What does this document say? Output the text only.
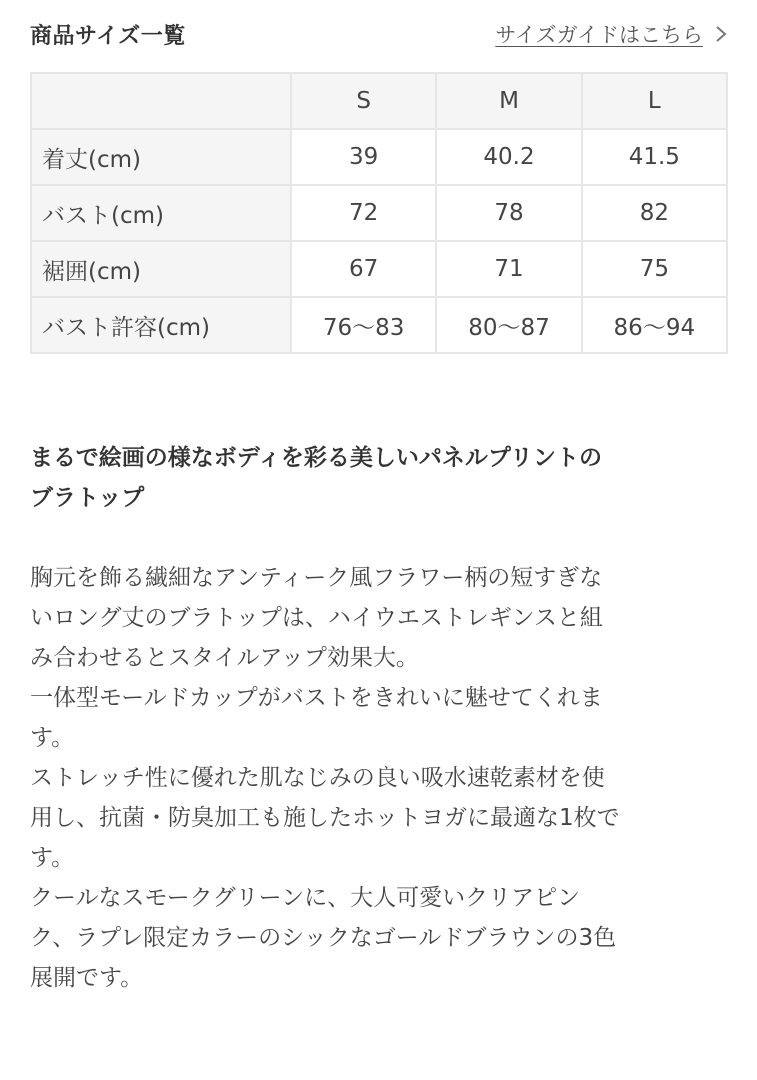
商品サイズ一覧	サイズガイドはこちら
	S	M	L
着丈(cm)	39	40.2	41.5
バスト(cm)	72	78	82
裾囲(cm)	67	71	75
バスト許容(cm)	76〜83	80〜87	86〜94

まるで絵画の様なボディを彩る美しいパネルプリントの

ブラトップ

胸元を飾る繊細なアンティーク風フラワー柄の短すぎな

いロング丈のブラトップは、ハイウエストレギンスと組

み合わせるとスタイルアップ効果大。

一体型モールドカップがバストをきれいに魅せてくれま

す。

ストレッチ性に優れた肌なじみの良い吸水速乾素材を使

用し、抗菌・防臭加工も施したホットヨガに最適な1枚で

す。

クールなスモークグリーンに、大人可愛いクリアピン

ク、ラプレ限定カラーのシックなゴールドブラウンの3色

展開です。
